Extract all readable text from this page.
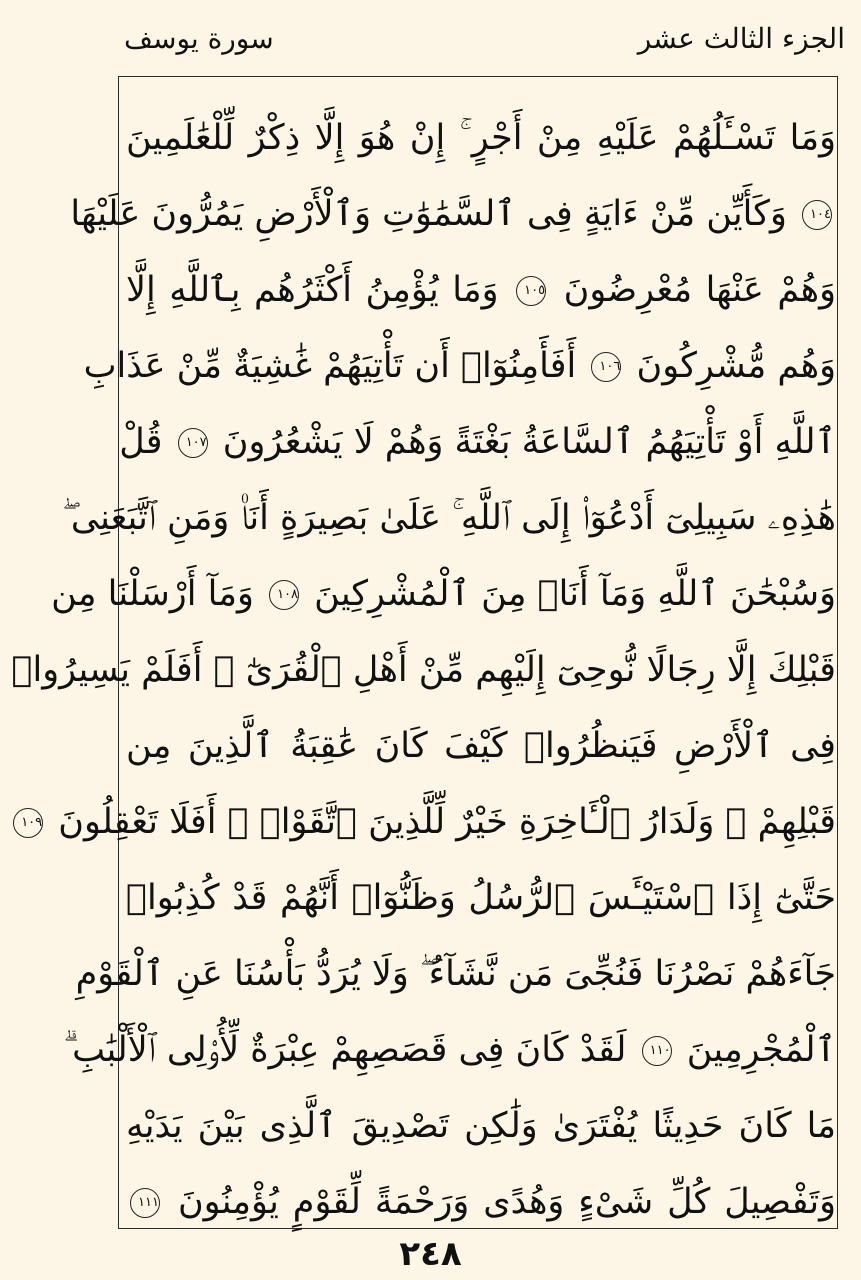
سورة يوسف	الجزء الثالث عشر
وَمَا تَسْـَٔلُهُمْ عَلَيْهِ مِنْ أَجْرٍ ۚ إِنْ هُوَ إِلَّا ذِكْرٌ لِّلْعَٰلَمِينَ
١٠٤ وَكَأَيِّن مِّنْ ءَايَةٍ فِى ٱلسَّمَٰوَٰتِ وَٱلْأَرْضِ يَمُرُّونَ عَلَيْهَا
وَهُمْ عَنْهَا مُعْرِضُونَ ١٠٥ وَمَا يُؤْمِنُ أَكْثَرُهُم بِٱللَّهِ إِلَّا
وَهُم مُّشْرِكُونَ ١٠٦ أَفَأَمِنُوٓا۟ أَن تَأْتِيَهُمْ غَٰشِيَةٌ مِّنْ عَذَابِ
ٱللَّهِ أَوْ تَأْتِيَهُمُ ٱلسَّاعَةُ بَغْتَةً وَهُمْ لَا يَشْعُرُونَ ١٠٧ قُلْ
هَٰذِهِۦ سَبِيلِىٓ أَدْعُوٓا۟ إِلَى ٱللَّهِ ۚ عَلَىٰ بَصِيرَةٍ أَنَا۠ وَمَنِ ٱتَّبَعَنِى ۖ
وَسُبْحَٰنَ ٱللَّهِ وَمَآ أَنَا۠ مِنَ ٱلْمُشْرِكِينَ ١٠٨ وَمَآ أَرْسَلْنَا مِن
قَبْلِكَ إِلَّا رِجَالًا نُّوحِىٓ إِلَيْهِم مِّنْ أَهْلِ ٱلْقُرَىٰٓ ۗ أَفَلَمْ يَسِيرُوا۟
فِى ٱلْأَرْضِ فَيَنظُرُوا۟ كَيْفَ كَانَ عَٰقِبَةُ ٱلَّذِينَ مِن
قَبْلِهِمْ ۗ وَلَدَارُ ٱلْـَٔاخِرَةِ خَيْرٌ لِّلَّذِينَ ٱتَّقَوْا۟ ۗ أَفَلَا تَعْقِلُونَ ١٠٩
حَتَّىٰٓ إِذَا ٱسْتَيْـَٔسَ ٱلرُّسُلُ وَظَنُّوٓا۟ أَنَّهُمْ قَدْ كُذِبُوا۟
جَآءَهُمْ نَصْرُنَا فَنُجِّىَ مَن نَّشَآءُ ۖ وَلَا يُرَدُّ بَأْسُنَا عَنِ ٱلْقَوْمِ
ٱلْمُجْرِمِينَ ١١٠ لَقَدْ كَانَ فِى قَصَصِهِمْ عِبْرَةٌ لِّأُو۟لِى ٱلْأَلْبَٰبِ ۗ
مَا كَانَ حَدِيثًا يُفْتَرَىٰ وَلَٰكِن تَصْدِيقَ ٱلَّذِى بَيْنَ يَدَيْهِ
وَتَفْصِيلَ كُلِّ شَىْءٍ وَهُدًى وَرَحْمَةً لِّقَوْمٍ يُؤْمِنُونَ ١١١
٢٤٨
